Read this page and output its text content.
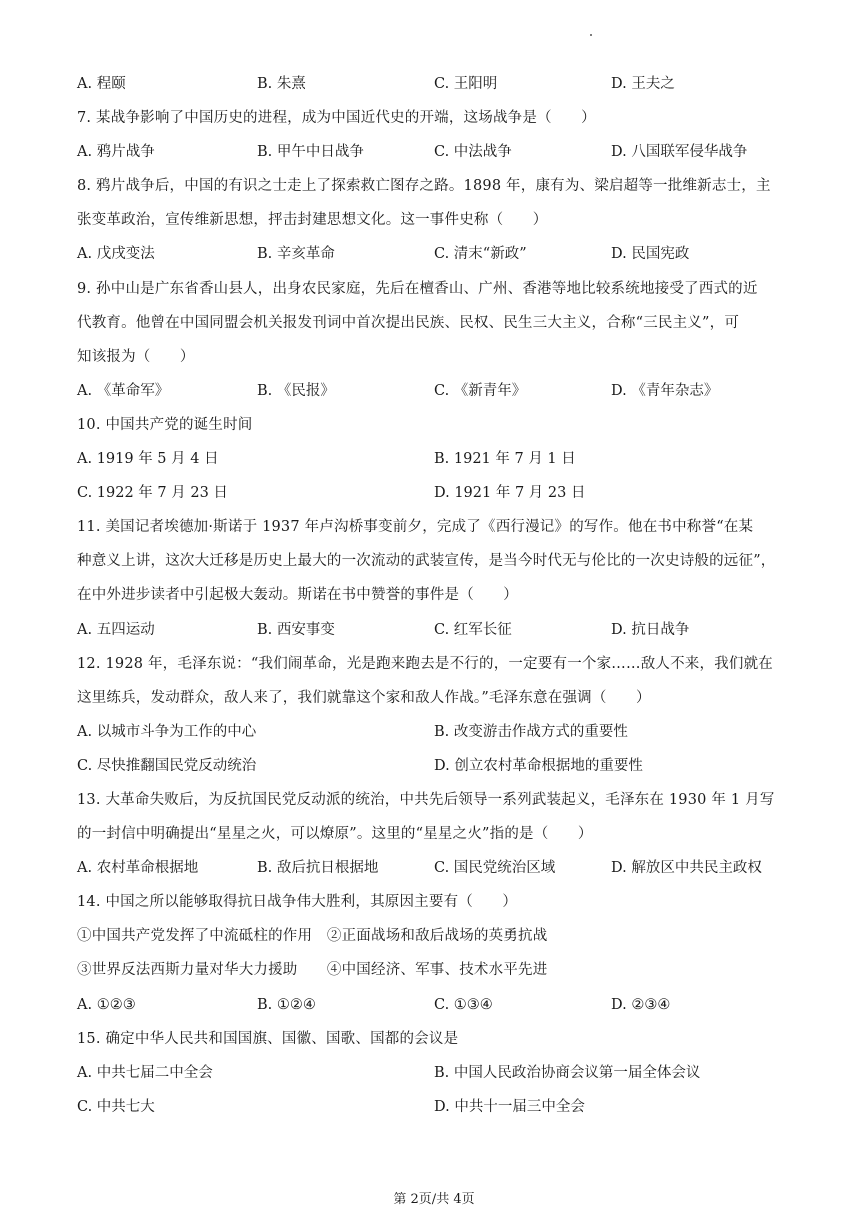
A. 程颐	B. 朱熹	C. 王阳明	D. 王夫之
7. 某战争影响了中国历史的进程，成为中国近代史的开端，这场战争是（　　）
A. 鸦片战争	B. 甲午中日战争	C. 中法战争	D. 八国联军侵华战争
8. 鸦片战争后，中国的有识之士走上了探索救亡图存之路。1898 年，康有为、梁启超等一批维新志士，主
张变革政治，宣传维新思想，抨击封建思想文化。这一事件史称（　　）
A. 戊戌变法	B. 辛亥革命	C. 清末“新政”	D. 民国宪政
9. 孙中山是广东省香山县人，出身农民家庭，先后在檀香山、广州、香港等地比较系统地接受了西式的近
代教育。他曾在中国同盟会机关报发刊词中首次提出民族、民权、民生三大主义，合称“三民主义”，可
知该报为（　　）
A. 《革命军》	B. 《民报》	C. 《新青年》	D. 《青年杂志》
10. 中国共产党的诞生时间
A. 1919 年 5 月 4 日	B. 1921 年 7 月 1 日
C. 1922 年 7 月 23 日	D. 1921 年 7 月 23 日
11. 美国记者埃德加·斯诺于 1937 年卢沟桥事变前夕，完成了《西行漫记》的写作。他在书中称誉“在某
种意义上讲，这次大迁移是历史上最大的一次流动的武装宣传，是当今时代无与伦比的一次史诗般的远征”，
在中外进步读者中引起极大轰动。斯诺在书中赞誉的事件是（　　）
A. 五四运动	B. 西安事变	C. 红军长征	D. 抗日战争
12. 1928 年，毛泽东说：“我们闹革命，光是跑来跑去是不行的，一定要有一个家……敌人不来，我们就在
这里练兵，发动群众，敌人来了，我们就靠这个家和敌人作战。”毛泽东意在强调（　　）
A. 以城市斗争为工作的中心	B. 改变游击作战方式的重要性
C. 尽快推翻国民党反动统治	D. 创立农村革命根据地的重要性
13. 大革命失败后，为反抗国民党反动派的统治，中共先后领导一系列武装起义，毛泽东在 1930 年 1 月写
的一封信中明确提出“星星之火，可以燎原”。这里的“星星之火”指的是（　　）
A. 农村革命根据地	B. 敌后抗日根据地	C. 国民党统治区域	D. 解放区中共民主政权
14. 中国之所以能够取得抗日战争伟大胜利，其原因主要有（　　）
①中国共产党发挥了中流砥柱的作用　②正面战场和敌后战场的英勇抗战
③世界反法西斯力量对华大力援助　　④中国经济、军事、技术水平先进
A. ①②③	B. ①②④	C. ①③④	D. ②③④
15. 确定中华人民共和国国旗、国徽、国歌、国都的会议是
A. 中共七届二中全会	B. 中国人民政治协商会议第一届全体会议
C. 中共七大	D. 中共十一届三中全会
第 2页/共 4页
